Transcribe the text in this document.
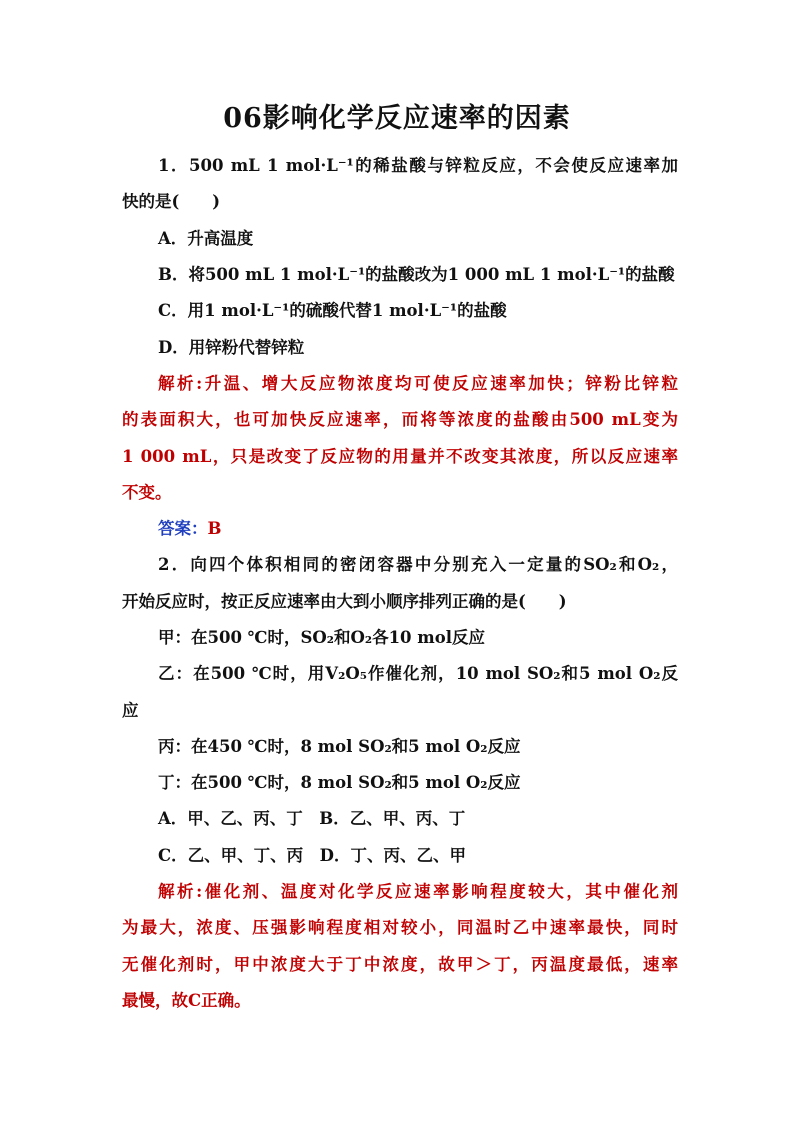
06影响化学反应速率的因素
1．500 mL 1 mol·L⁻¹的稀盐酸与锌粒反应，不会使反应速率加
快的是(　　)
A．升高温度
B．将500 mL 1 mol·L⁻¹的盐酸改为1 000 mL 1 mol·L⁻¹的盐酸
C．用1 mol·L⁻¹的硫酸代替1 mol·L⁻¹的盐酸
D．用锌粉代替锌粒
解析:升温、增大反应物浓度均可使反应速率加快；锌粉比锌粒
的表面积大，也可加快反应速率，而将等浓度的盐酸由500 mL变为
1 000 mL，只是改变了反应物的用量并不改变其浓度，所以反应速率
不变。
答案：B
2．向四个体积相同的密闭容器中分别充入一定量的SO₂和O₂，
开始反应时，按正反应速率由大到小顺序排列正确的是(　　)
甲：在500 ℃时，SO₂和O₂各10 mol反应
乙：在500 ℃时，用V₂O₅作催化剂，10 mol SO₂和5 mol O₂反
应
丙：在450 ℃时，8 mol SO₂和5 mol O₂反应
丁：在500 ℃时，8 mol SO₂和5 mol O₂反应
A．甲、乙、丙、丁　B．乙、甲、丙、丁
C．乙、甲、丁、丙　D．丁、丙、乙、甲
解析:催化剂、温度对化学反应速率影响程度较大，其中催化剂
为最大，浓度、压强影响程度相对较小，同温时乙中速率最快，同时
无催化剂时，甲中浓度大于丁中浓度，故甲＞丁，丙温度最低，速率
最慢，故C正确。
